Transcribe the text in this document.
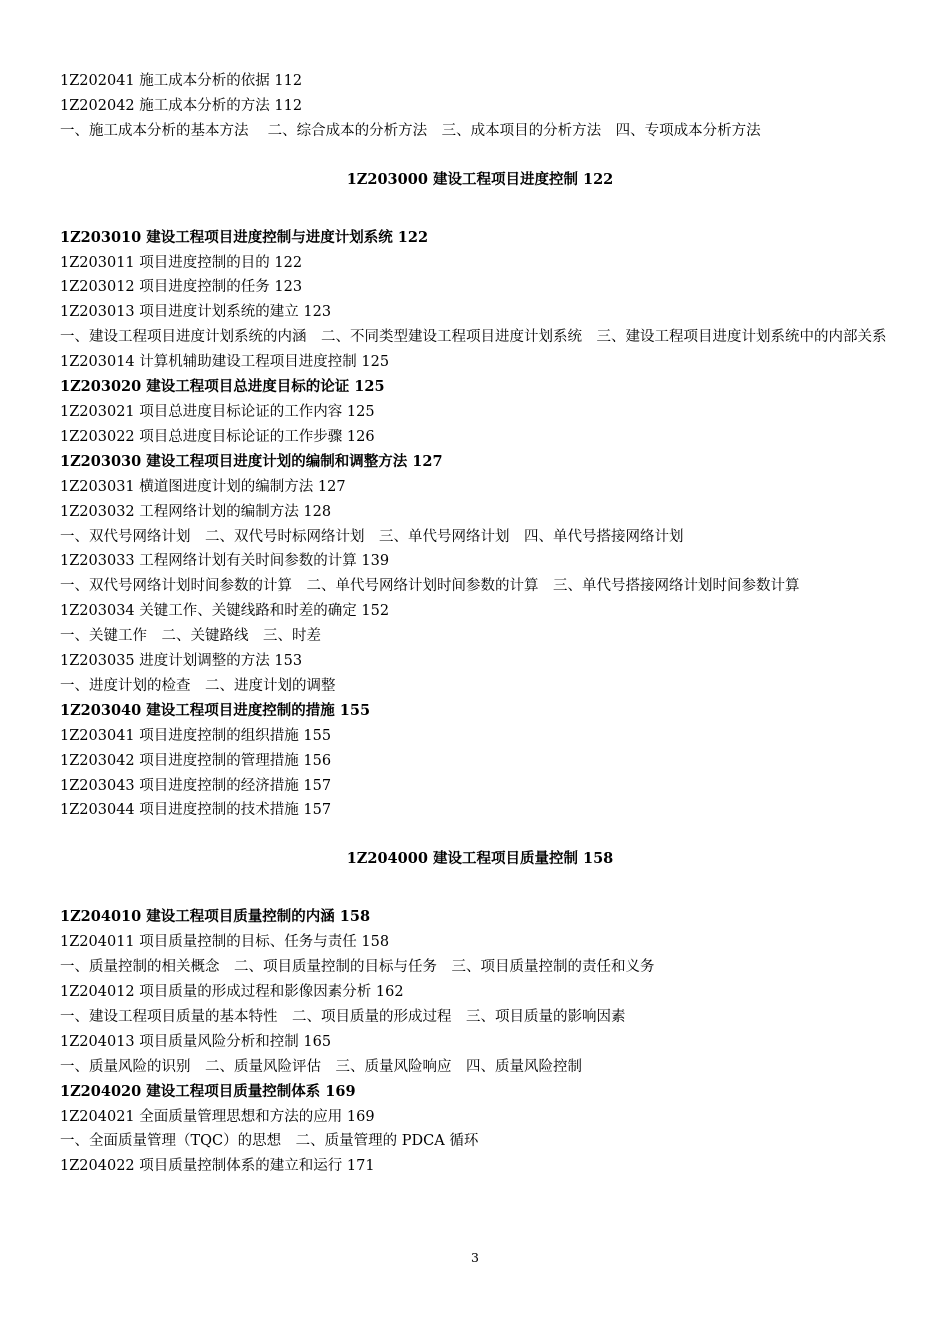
1Z202041 施工成本分析的依据 112
1Z202042 施工成本分析的方法 112
一、施工成本分析的基本方法　 二、综合成本的分析方法　三、成本项目的分析方法　四、专项成本分析方法
1Z203000 建设工程项目进度控制 122
1Z203010 建设工程项目进度控制与进度计划系统 122
1Z203011 项目进度控制的目的 122
1Z203012 项目进度控制的任务 123
1Z203013 项目进度计划系统的建立 123
一、建设工程项目进度计划系统的内涵　二、不同类型建设工程项目进度计划系统　三、建设工程项目进度计划系统中的内部关系
1Z203014 计算机辅助建设工程项目进度控制 125
1Z203020 建设工程项目总进度目标的论证 125
1Z203021 项目总进度目标论证的工作内容 125
1Z203022 项目总进度目标论证的工作步骤 126
1Z203030 建设工程项目进度计划的编制和调整方法 127
1Z203031 横道图进度计划的编制方法 127
1Z203032 工程网络计划的编制方法 128
一、双代号网络计划　二、双代号时标网络计划　三、单代号网络计划　四、单代号搭接网络计划
1Z203033 工程网络计划有关时间参数的计算 139
一、双代号网络计划时间参数的计算　二、单代号网络计划时间参数的计算　三、单代号搭接网络计划时间参数计算
1Z203034 关键工作、关键线路和时差的确定 152
一、关键工作　二、关键路线　三、时差
1Z203035 进度计划调整的方法 153
一、进度计划的检查　二、进度计划的调整
1Z203040 建设工程项目进度控制的措施 155
1Z203041 项目进度控制的组织措施 155
1Z203042 项目进度控制的管理措施 156
1Z203043 项目进度控制的经济措施 157
1Z203044 项目进度控制的技术措施 157
1Z204000 建设工程项目质量控制 158
1Z204010 建设工程项目质量控制的内涵 158
1Z204011 项目质量控制的目标、任务与责任 158
一、质量控制的相关概念　二、项目质量控制的目标与任务　三、项目质量控制的责任和义务
1Z204012 项目质量的形成过程和影像因素分析 162
一、建设工程项目质量的基本特性　二、项目质量的形成过程　三、项目质量的影响因素
1Z204013 项目质量风险分析和控制 165
一、质量风险的识别　二、质量风险评估　三、质量风险响应　四、质量风险控制
1Z204020 建设工程项目质量控制体系 169
1Z204021 全面质量管理思想和方法的应用 169
一、全面质量管理（TQC）的思想　二、质量管理的 PDCA 循环
1Z204022 项目质量控制体系的建立和运行 171
3
